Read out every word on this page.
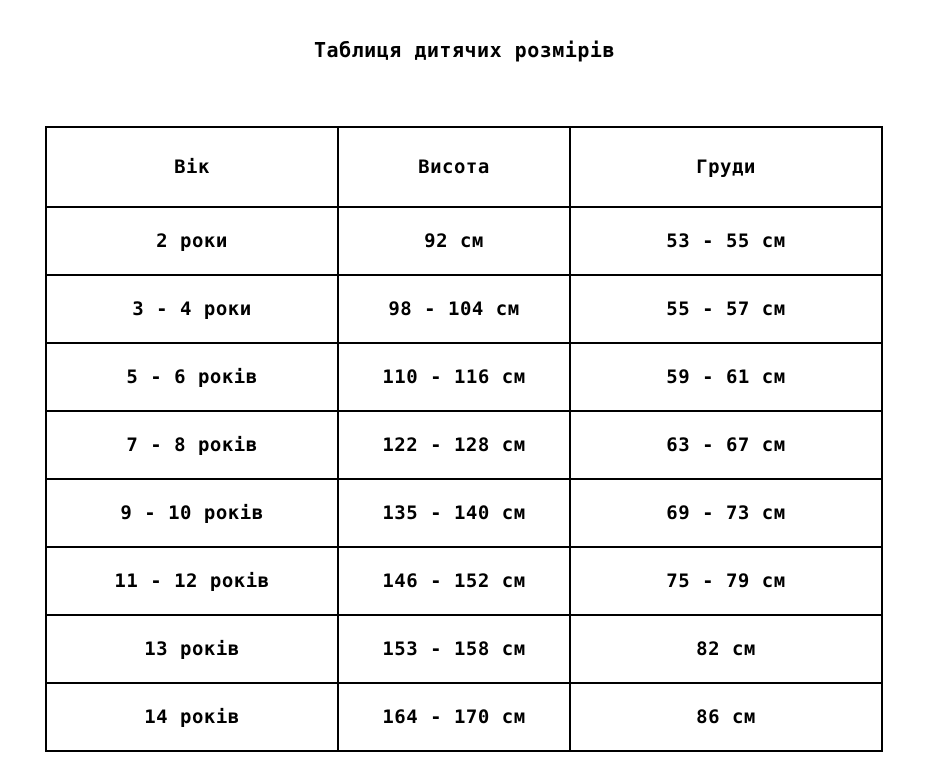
Таблиця дитячих розмірів
Вік	Висота	Груди
2 роки	92 см	53 - 55 см
3 - 4 роки	98 - 104 см	55 - 57 см
5 - 6 років	110 - 116 см	59 - 61 см
7 - 8 років	122 - 128 см	63 - 67 см
9 - 10 років	135 - 140 см	69 - 73 см
11 - 12 років	146 - 152 см	75 - 79 см
13 років	153 - 158 см	82 см
14 років	164 - 170 см	86 см
